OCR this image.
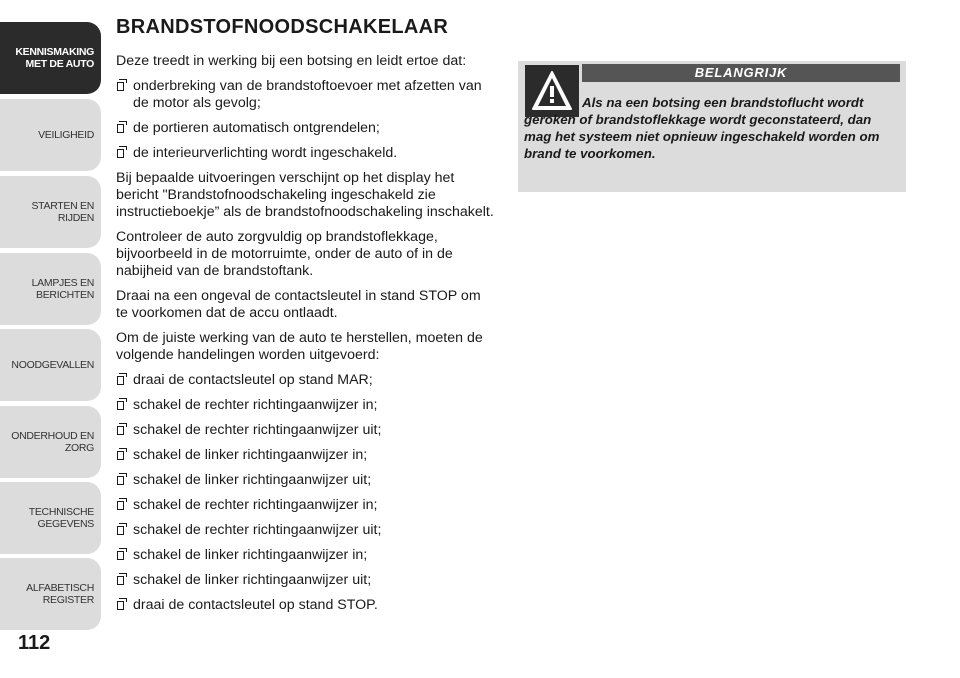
KENNISMAKING
MET DE AUTO
VEILIGHEID
STARTEN EN RIJDEN
LAMPJES EN
BERICHTEN
NOODGEVALLEN
ONDERHOUD EN
ZORG
TECHNISCHE
GEGEVENS
ALFABETISCH
REGISTER
112
BRANDSTOFNOODSCHAKELAAR

Deze treedt in werking bij een botsing en leidt ertoe dat:

onderbreking van de brandstoftoevoer met afzetten van de motor als gevolg;
de portieren automatisch ontgrendelen;
de interieurverlichting wordt ingeschakeld.

Bij bepaalde uitvoeringen verschijnt op het display het bericht "Brandstofnoodschakeling ingeschakeld zie instructieboekje” als de brandstofnoodschakeling inschakelt.

Controleer de auto zorgvuldig op brandstoflekkage, bijvoorbeeld in de motorruimte, onder de auto of in de nabijheid van de brandstoftank.

Draai na een ongeval de contactsleutel in stand STOP om te voorkomen dat de accu ontlaadt.

Om de juiste werking van de auto te herstellen, moeten de volgende handelingen worden uitgevoerd:

draai de contactsleutel op stand MAR;
schakel de rechter richtingaanwijzer in;
schakel de rechter richtingaanwijzer uit;
schakel de linker richtingaanwijzer in;
schakel de linker richtingaanwijzer uit;
schakel de rechter richtingaanwijzer in;
schakel de rechter richtingaanwijzer uit;
schakel de linker richtingaanwijzer in;
schakel de linker richtingaanwijzer uit;
draai de contactsleutel op stand STOP.
BELANGRIJK
Als na een botsing een brandstoflucht wordt geroken of brandstoflekkage wordt geconstateerd, dan mag het systeem niet opnieuw ingeschakeld worden om brand te voorkomen.
